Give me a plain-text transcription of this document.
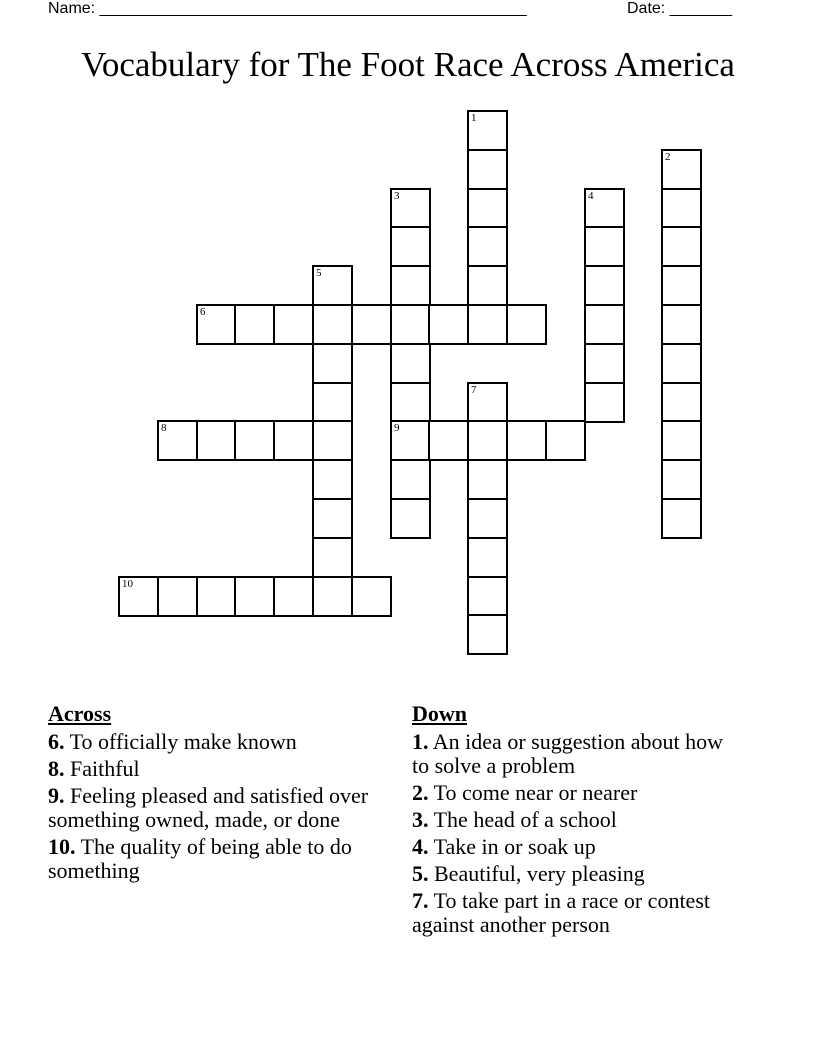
Name: ________________________________________________	Date: _______
Vocabulary for The Foot Race Across America
1
2
3
9
4
5
6
7
8
10
Across
6. To officially make known
8. Faithful
9. Feeling pleased and satisfied over something owned, made, or done
10. The quality of being able to do something
Down
1. An idea or suggestion about how to solve a problem
2. To come near or nearer
3. The head of a school
4. Take in or soak up
5. Beautiful, very pleasing
7. To take part in a race or contest against another person
